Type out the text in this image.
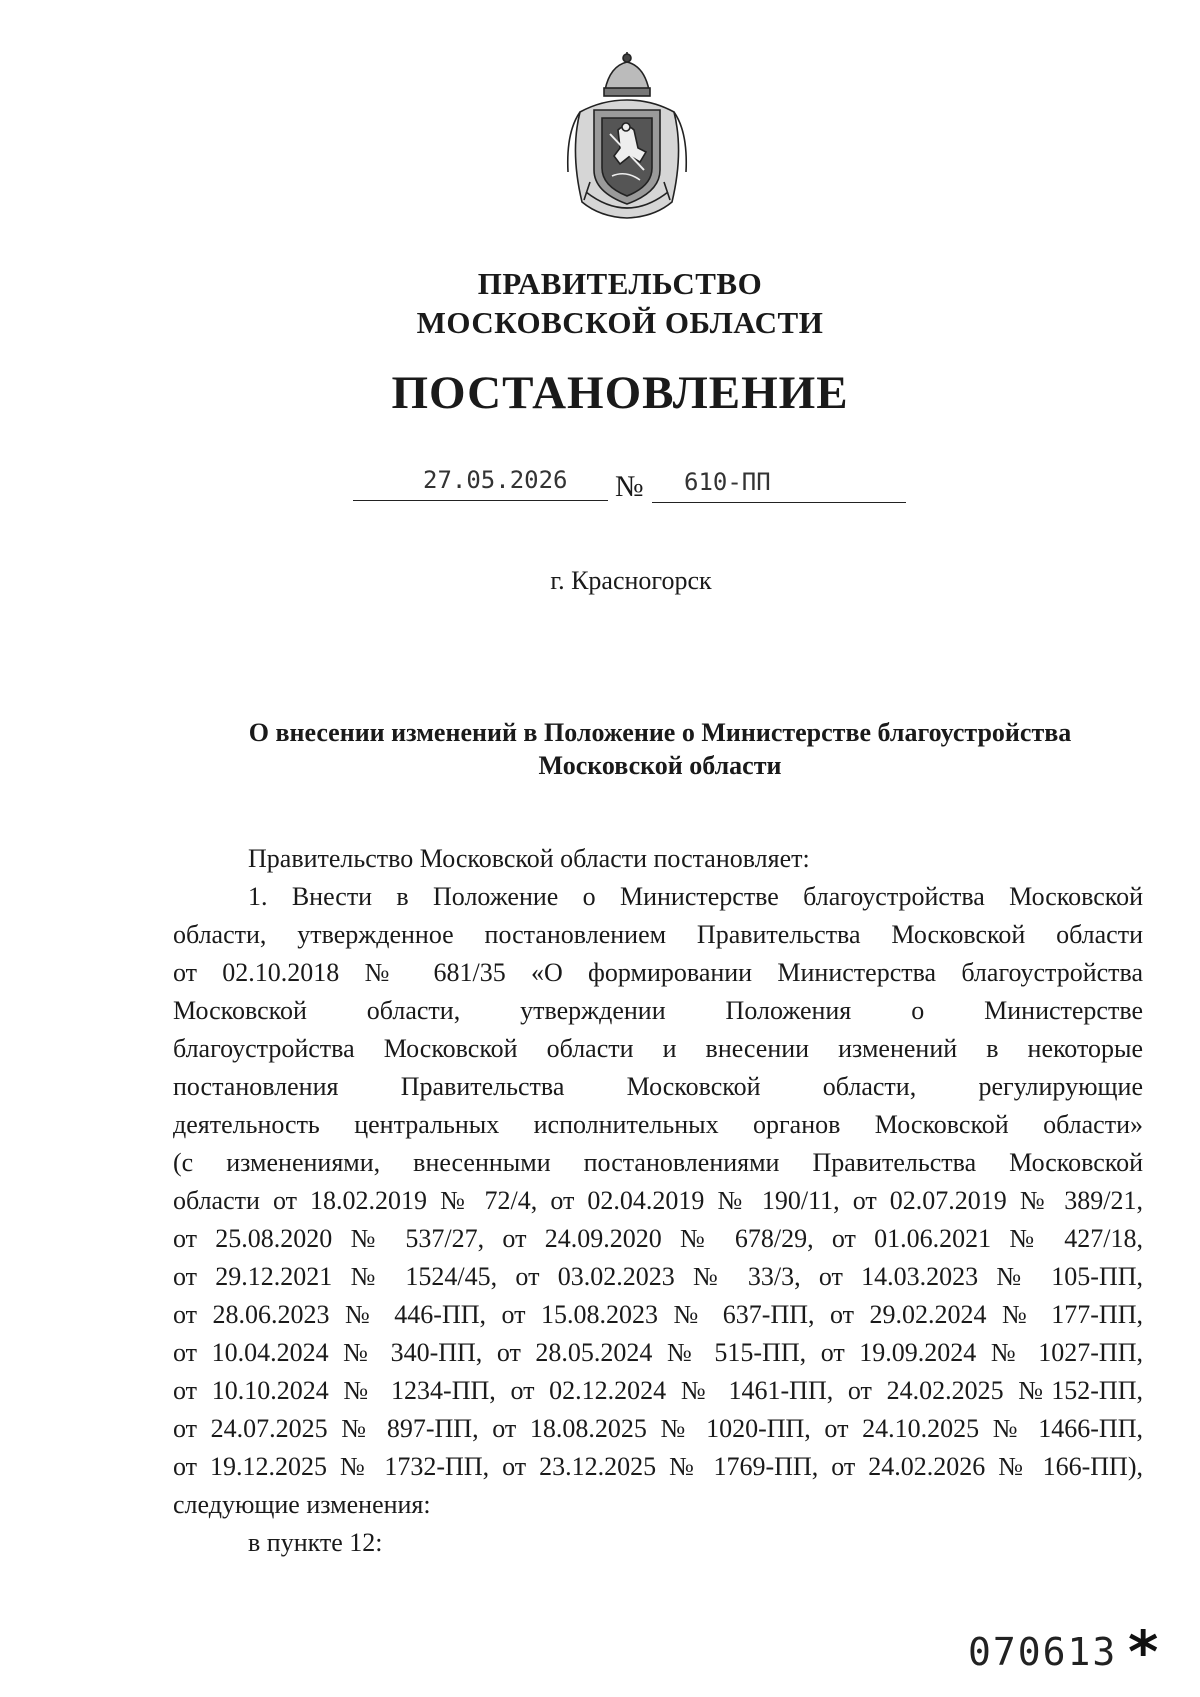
ПРАВИТЕЛЬСТВО
МОСКОВСКОЙ ОБЛАСТИ
ПОСТАНОВЛЕНИЕ
27.05.2026 № 610-ПП
г. Красногорск
О внесении изменений в Положение о Министерстве благоустройства Московской области

Правительство Московской области постановляет:

1. Внести в Положение о Министерстве благоустройства Московской
области, утвержденное постановлением Правительства Московской области
от 02.10.2018 № 681/35 «О формировании Министерства благоустройства
Московской области, утверждении Положения о Министерстве
благоустройства Московской области и внесении изменений в некоторые
постановления Правительства Московской области, регулирующие
деятельность центральных исполнительных органов Московской области»
(с изменениями, внесенными постановлениями Правительства Московской
области от 18.02.2019 № 72/4, от 02.04.2019 № 190/11, от 02.07.2019 № 389/21,
от 25.08.2020 № 537/27, от 24.09.2020 № 678/29, от 01.06.2021 № 427/18,
от 29.12.2021 № 1524/45, от 03.02.2023 № 33/3, от 14.03.2023 № 105-ПП,
от 28.06.2023 № 446-ПП, от 15.08.2023 № 637-ПП, от 29.02.2024 № 177-ПП,
от 10.04.2024 № 340-ПП, от 28.05.2024 № 515-ПП, от 19.09.2024 № 1027-ПП,
от 10.10.2024 № 1234-ПП, от 02.12.2024 № 1461-ПП, от 24.02.2025 №152-ПП,
от 24.07.2025 № 897-ПП, от 18.08.2025 № 1020-ПП, от 24.10.2025 № 1466-ПП,
от 19.12.2025 № 1732-ПП, от 23.12.2025 № 1769-ПП, от 24.02.2026 № 166-ПП),
следующие изменения:

в пункте 12:

070613 *
